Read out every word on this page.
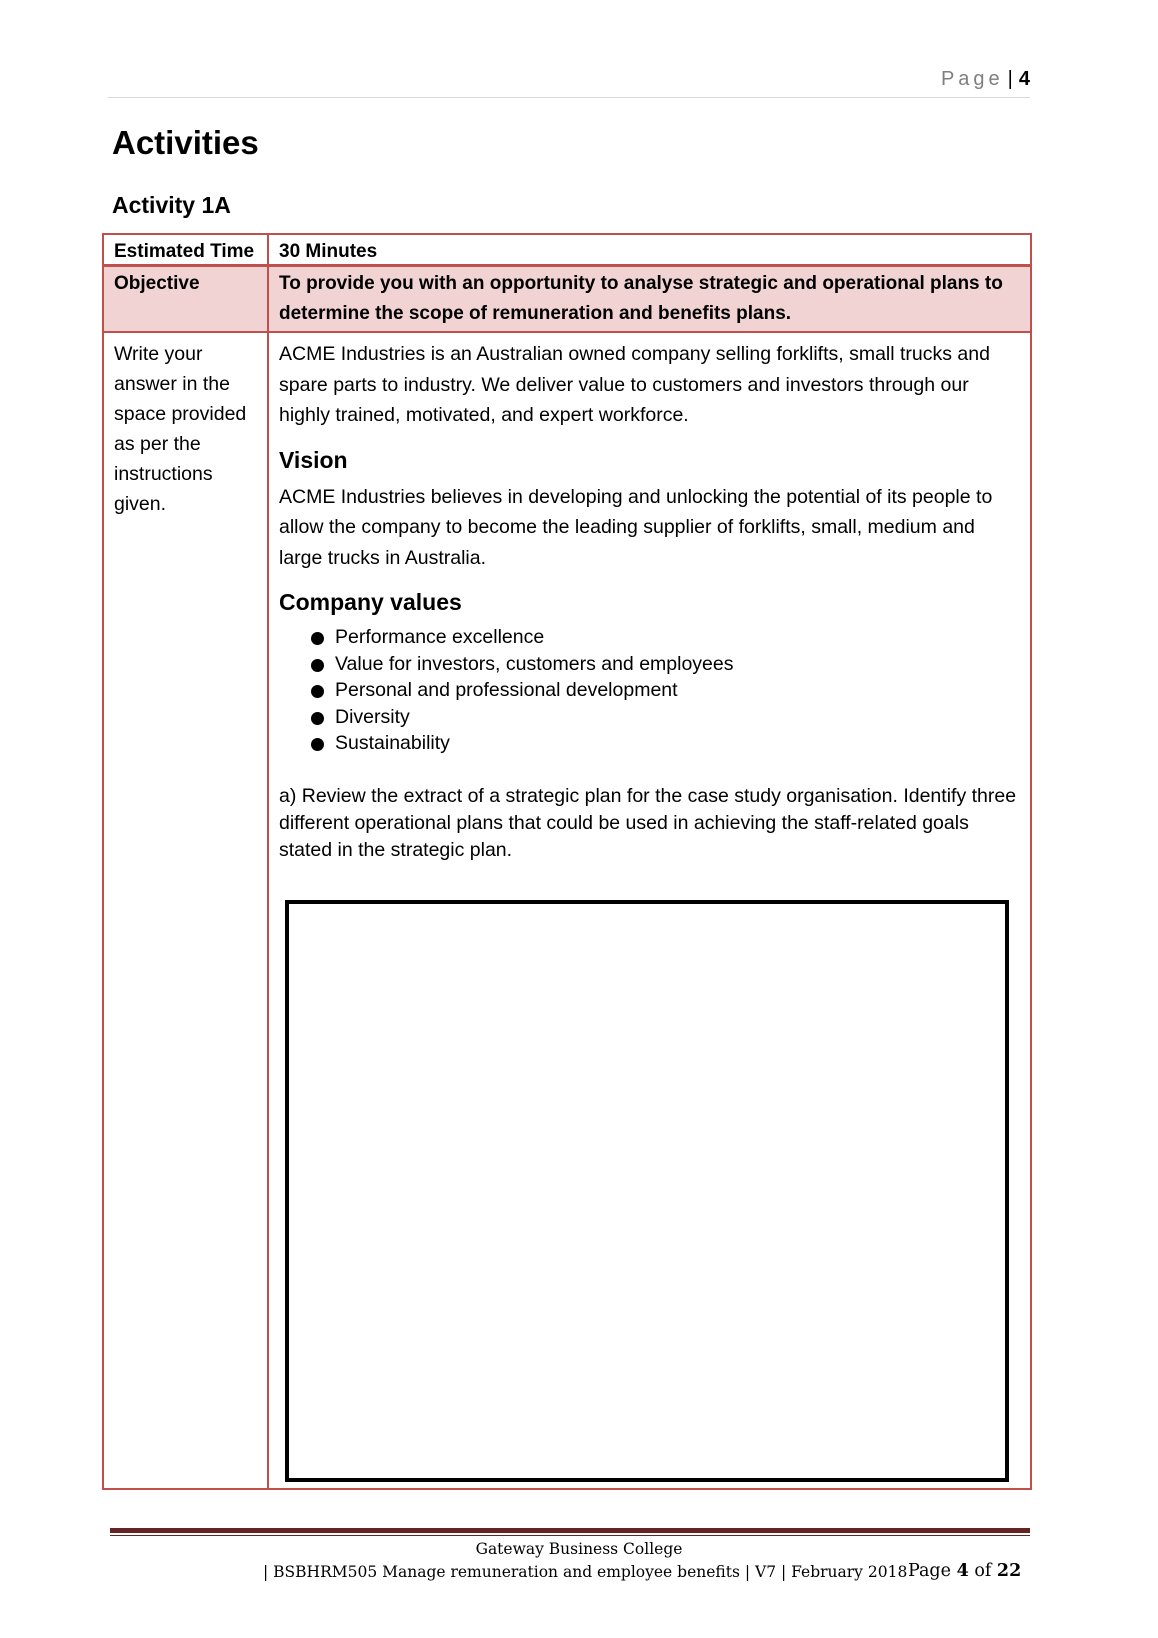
Page | 4
Activities
Activity 1A
Estimated Time	30 Minutes
Objective	To provide you with an opportunity to analyse strategic and operational plans to determine the scope of remuneration and benefits plans.
Write your answer in the space provided as per the instructions given.

ACME Industries is an Australian owned company selling forklifts, small trucks and spare parts to industry. We deliver value to customers and investors through our highly trained, motivated, and expert workforce.

Vision

ACME Industries believes in developing and unlocking the potential of its people to allow the company to become the leading supplier of forklifts, small, medium and large trucks in Australia.

Company values
Performance excellence
Value for investors, customers and employees
Personal and professional development
Diversity
Sustainability

a) Review the extract of a strategic plan for the case study organisation. Identify three different operational plans that could be used in achieving the staff-related goals stated in the strategic plan.

Gateway Business College
| BSBHRM505 Manage remuneration and employee benefits | V7 | February 2018 Page 4 of 22
